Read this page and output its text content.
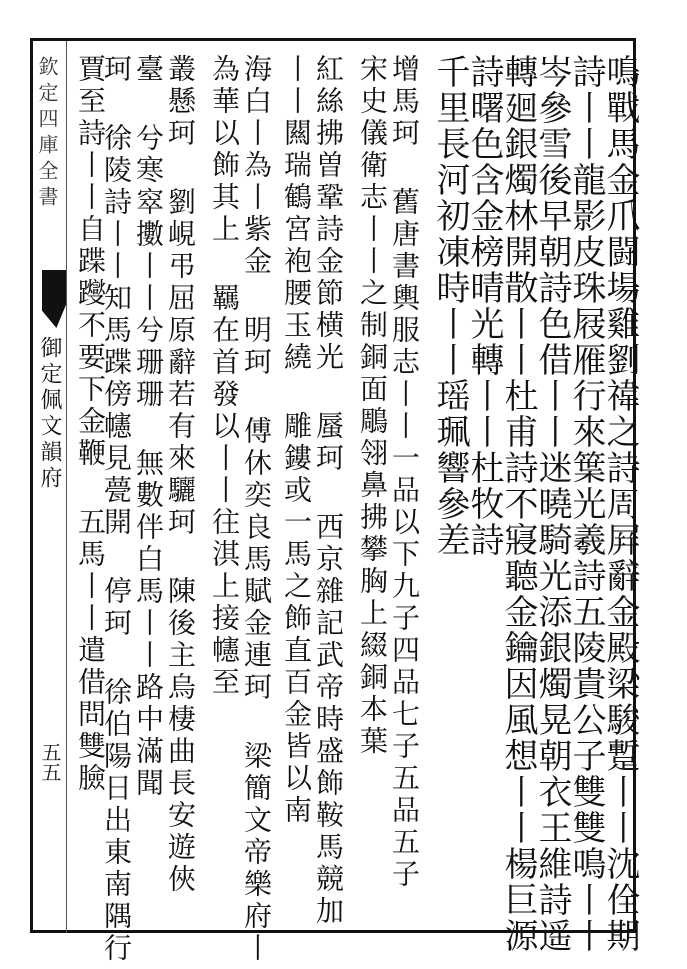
欽定四庫全書
御定佩文韻府
五五	鳴戰馬金爪闘場雞劉禕之詩周屛辭金殿梁駿蹔丨丨沈佺期
詩丨丨龍影皮珠屐雁行來䈎光羲詩五陵貴公子雙雙鳴丨丨
岑參雪後早朝詩色借丨丨迷曉騎光添銀燭晃朝衣王維詩遥
轉廻銀燭林開散丨丨杜甫詩不寢聽金鑰因風想丨丨楊巨源
詩曙色含金榜晴光轉丨丨杜牧詩
千里長河初凍時丨丨瑶珮響參差
增馬珂 舊唐書輿服志丨丨一品以下九子四品七子五品五子
宋史儀衛志丨丨之制銅面鵰翎鼻拂攀胸上綴銅本葉
紅絲拂曽鞏詩金節横光 蜃珂 西京雜記武帝時盛飾鞍馬競加
丨丨闗瑞鶴宮袍腰玉繞 雕鏤或一馬之飾直百金皆以南
海白丨為丨紫金 明珂 傅休奕良馬賦金連珂 梁簡文帝樂府丨
為華以飾其上 羈在首發以丨丨往淇上接幰至
叢懸珂 劉峴弔屈原辭若有來驪珂 陳後主烏棲曲長安遊俠
臺 兮寒窣擻丨丨兮珊珊 無數伴白馬丨丨路中滿聞
珂 徐陵詩丨丨知馬蹀傍幰見甍開 停珂 徐伯陽日出東南隅行
賈至詩丨丨自蹀躞不要下金鞭 五馬丨丨遣借問雙臉
